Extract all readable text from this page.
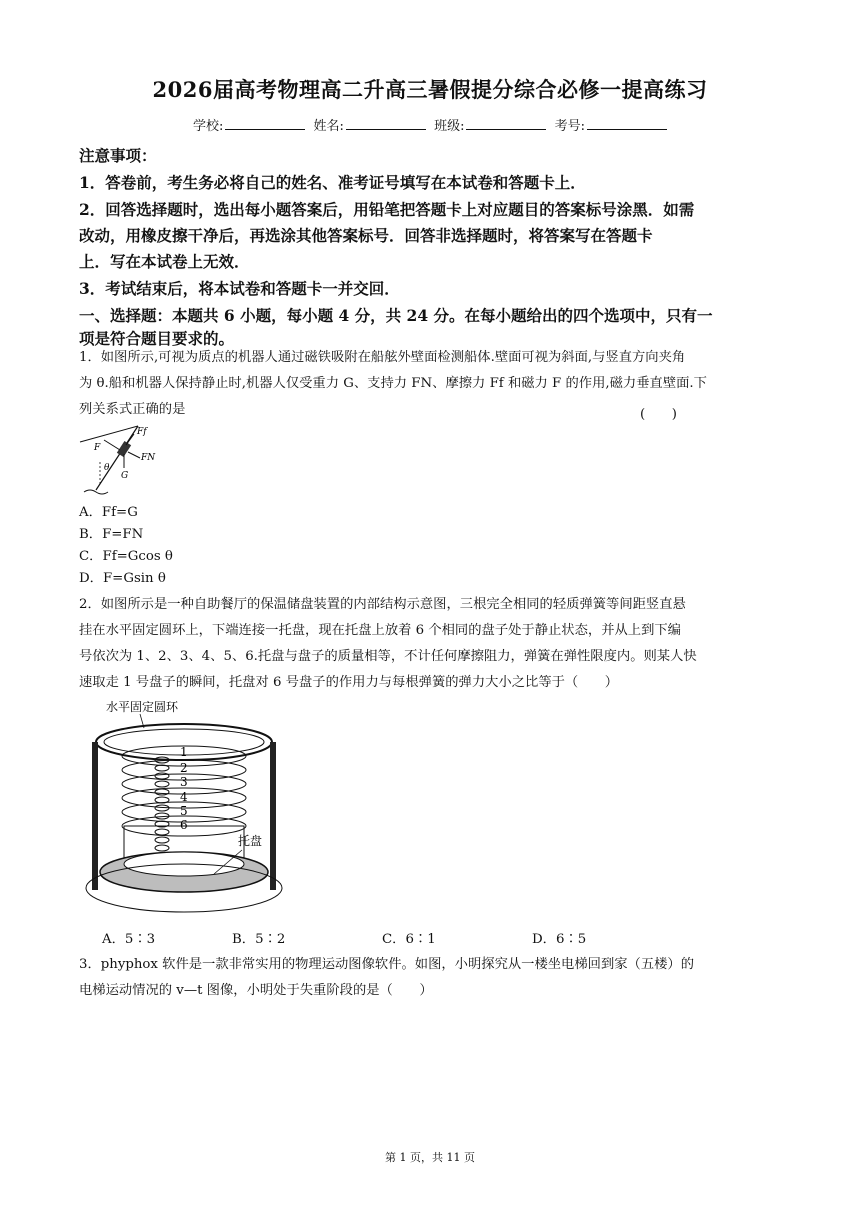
2026届高考物理高二升高三暑假提分综合必修一提高练习
学校:	姓名:	班级:	考号:
注意事项：
1．答卷前，考生务必将自己的姓名、准考证号填写在本试卷和答题卡上．
2．回答选择题时，选出每小题答案后，用铅笔把答题卡上对应题目的答案标号涂黑．如需
改动，用橡皮擦干净后，再选涂其他答案标号．回答非选择题时，将答案写在答题卡
上．写在本试卷上无效．
3．考试结束后，将本试卷和答题卡一并交回．
一、选择题：本题共 6 小题，每小题 4 分，共 24 分。在每小题给出的四个选项中，只有一
项是符合题目要求的。
1．如图所示,可视为质点的机器人通过磁铁吸附在船舷外壁面检测船体.壁面可视为斜面,与竖直方向夹角
为 θ.船和机器人保持静止时,机器人仅受重力 G、支持力 FN、摩擦力 Ff 和磁力 F 的作用,磁力垂直壁面.下
列关系式正确的是	(　　)
Ff
F
FN
G
θ
A．Ff=G
B．F=FN
C．Ff=Gcos θ
D．F=Gsin θ
2．如图所示是一种自助餐厅的保温储盘装置的内部结构示意图，三根完全相同的轻质弹簧等间距竖直悬
挂在水平固定圆环上，下端连接一托盘，现在托盘上放着 6 个相同的盘子处于静止状态，并从上到下编
号依次为 1、2、3、4、5、6.托盘与盘子的质量相等，不计任何摩擦阻力，弹簧在弹性限度内。则某人快
速取走 1 号盘子的瞬间，托盘对 6 号盘子的作用力与每根弹簧的弹力大小之比等于（　　）
水平固定圆环
1
2
3
4
5
6
托盘
A．5∶3	B．5∶2	C．6∶1	D．6∶5
3．phyphox 软件是一款非常实用的物理运动图像软件。如图，小明探究从一楼坐电梯回到家（五楼）的
电梯运动情况的 v—t 图像，小明处于失重阶段的是（　　）
第 1 页，共 11 页
